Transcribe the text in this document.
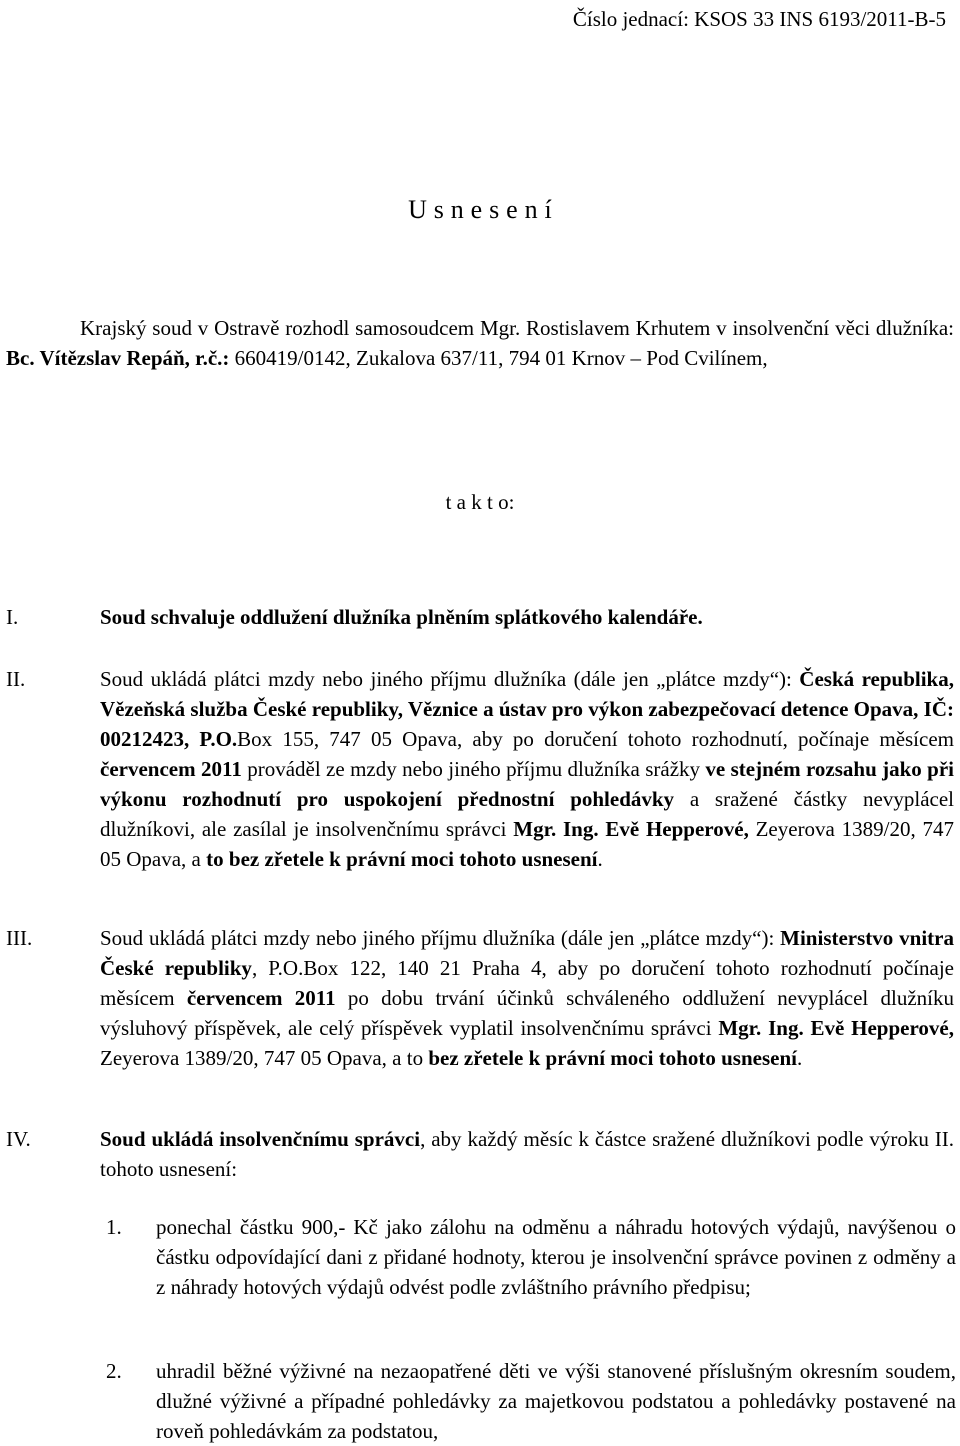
Číslo jednací: KSOS 33 INS 6193/2011-B-5
U s n e s e n í

Krajský soud v Ostravě rozhodl samosoudcem Mgr. Rostislavem Krhutem v insolvenční věci dlužníka: Bc. Vítězslav Repáň, r.č.: 660419/0142, Zukalova 637/11, 794 01 Krnov – Pod Cvilínem,

t a k t o:
I.	Soud schvaluje oddlužení dlužníka plněním splátkového kalendáře.

II.	Soud ukládá plátci mzdy nebo jiného příjmu dlužníka (dále jen „plátce mzdy“): Česká republika, Vězeňská služba České republiky, Věznice a ústav pro výkon zabezpečovací detence Opava, IČ: 00212423, P.O.Box 155, 747 05 Opava, aby po doručení tohoto rozhodnutí, počínaje měsícem červencem 2011 prováděl ze mzdy nebo jiného příjmu dlužníka srážky ve stejném rozsahu jako při výkonu rozhodnutí pro uspokojení přednostní pohledávky a sražené částky nevyplácel dlužníkovi, ale zasílal je insolvenčnímu správci Mgr. Ing. Evě Hepperové, Zeyerova 1389/20, 747 05 Opava, a to bez zřetele k právní moci tohoto usnesení.

III.	Soud ukládá plátci mzdy nebo jiného příjmu dlužníka (dále jen „plátce mzdy“): Ministerstvo vnitra České republiky, P.O.Box 122, 140 21 Praha 4, aby po doručení tohoto rozhodnutí počínaje měsícem červencem 2011 po dobu trvání účinků schváleného oddlužení nevyplácel dlužníku výsluhový příspěvek, ale celý příspěvek vyplatil insolvenčnímu správci Mgr. Ing. Evě Hepperové, Zeyerova 1389/20, 747 05 Opava, a to bez zřetele k právní moci tohoto usnesení.

IV.	Soud ukládá insolvenčnímu správci, aby každý měsíc k částce sražené dlužníkovi podle výroku II. tohoto usnesení:

1. ponechal částku 900,- Kč jako zálohu na odměnu a náhradu hotových výdajů, navýšenou o částku odpovídající dani z přidané hodnoty, kterou je insolvenční správce povinen z odměny a z náhrady hotových výdajů odvést podle zvláštního právního předpisu;
2. uhradil běžné výživné na nezaopatřené děti ve výši stanovené příslušným okresním soudem, dlužné výživné a případné pohledávky za majetkovou podstatou a pohledávky postavené na roveň pohledávkám za podstatou,
